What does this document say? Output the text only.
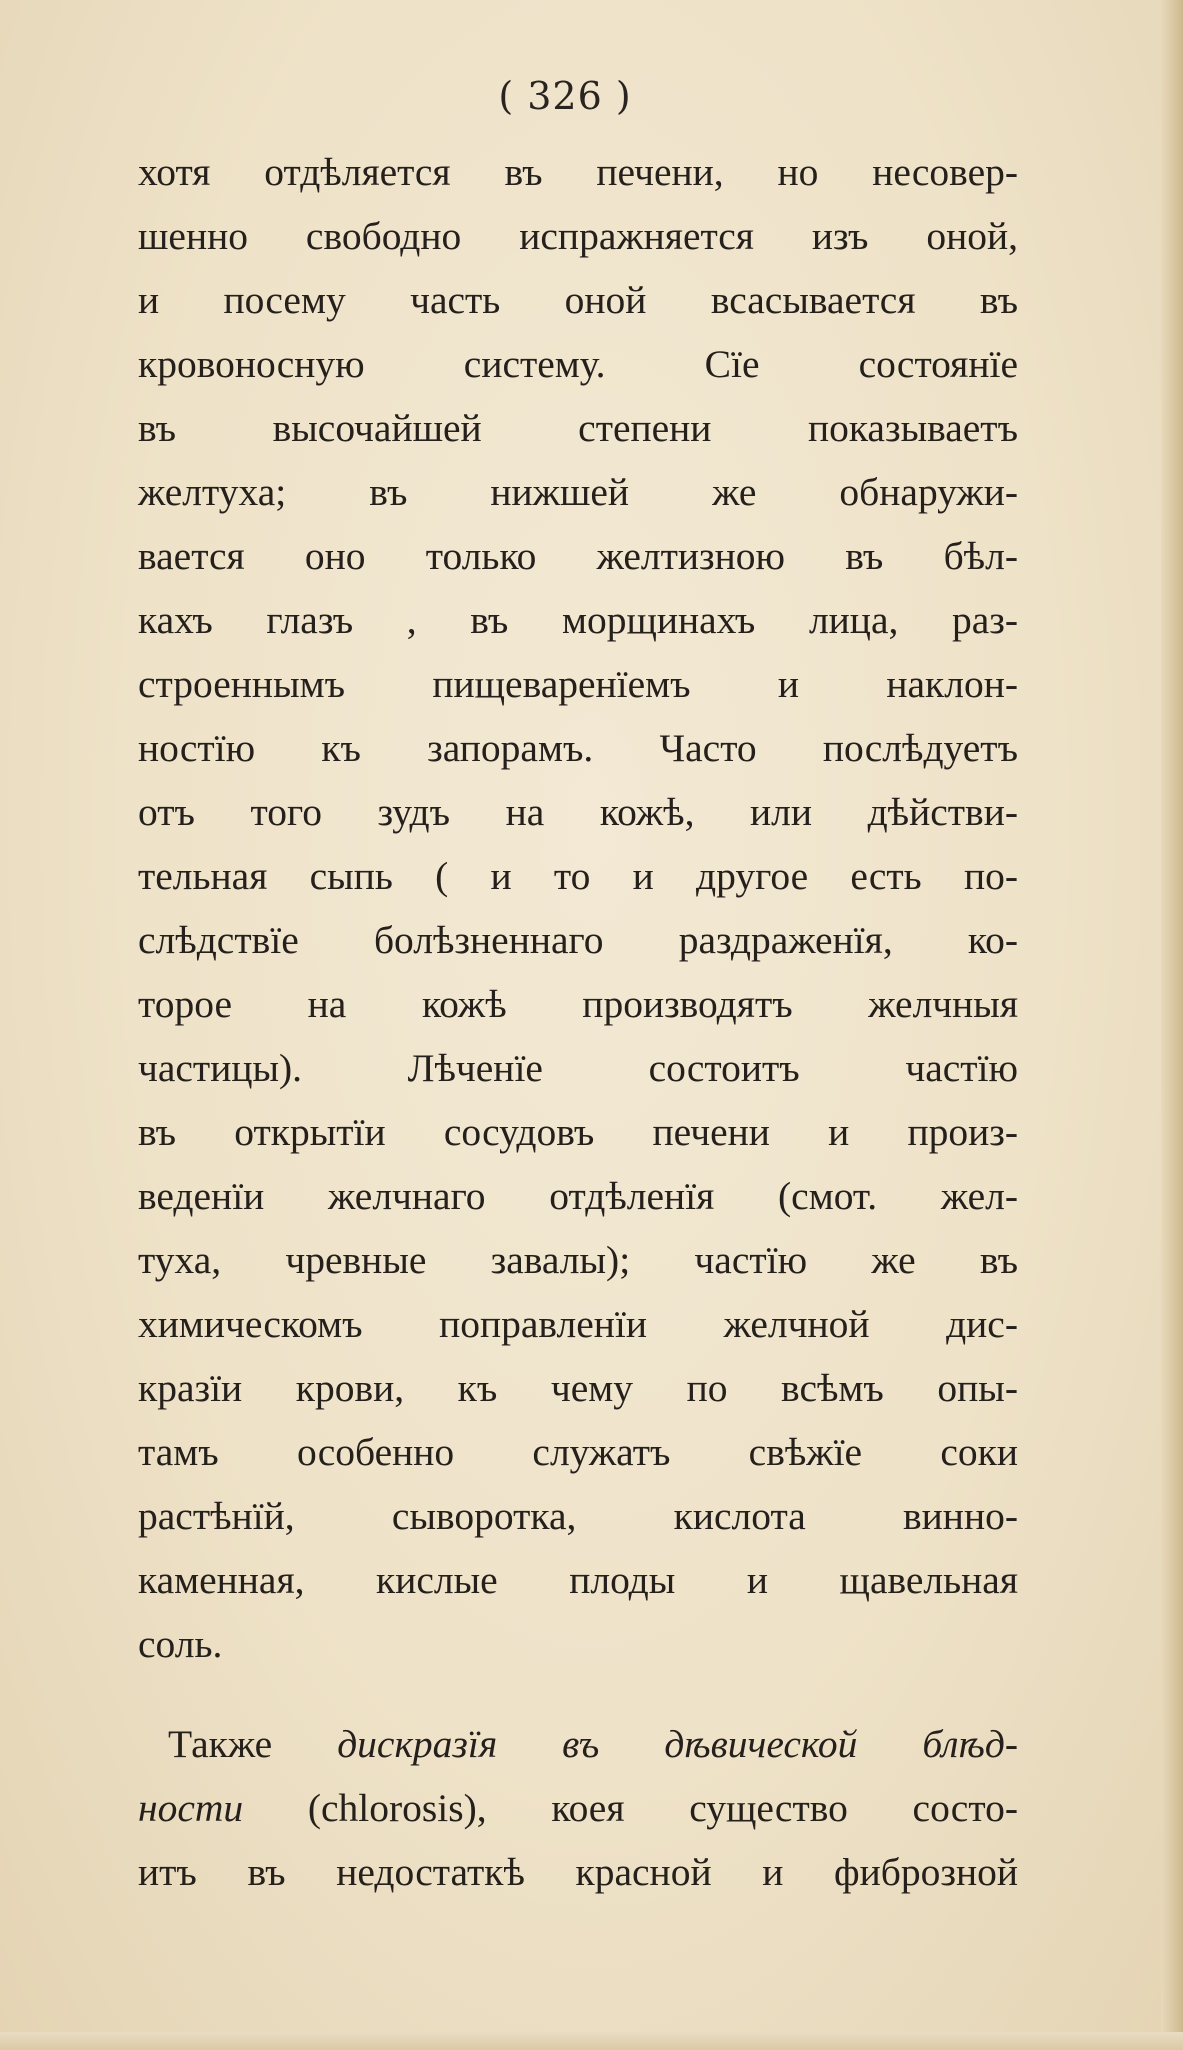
( 326 )
хотя отдѣляется въ печени, но несовер-
шенно свободно испражняется изъ оной,
и посему часть оной всасывается въ
кровоносную систему. Сїе состоянїе
въ высочайшей степени показываетъ
желтуха; въ нижшей же обнаружи-
вается оно только желтизною въ бѣл-
кахъ глазъ , въ морщинахъ лица, раз-
строеннымъ пищеваренїемъ и наклон-
ностїю къ запорамъ. Часто послѣдуетъ
отъ того зудъ на кожѣ, или дѣйстви-
тельная сыпь ( и то и другое есть по-
слѣдствїе болѣзненнаго раздраженїя, ко-
торое на кожѣ производятъ желчныя
частицы). Лѣченїе состоитъ частїю
въ открытїи сосудовъ печени и произ-
веденїи желчнаго отдѣленїя (смот. жел-
туха, чревные завалы); частїю же въ
химическомъ поправленїи желчной дис-
кразїи крови, къ чему по всѣмъ опы-
тамъ особенно служатъ свѣжїе соки
растѣнїй, сыворотка, кислота винно-
каменная, кислые плоды и щавельная
соль.
Также дискразїя въ дѣвической блѣд-
ности (chlorosis), коея существо состо-
итъ въ недостаткѣ красной и фиброзной
